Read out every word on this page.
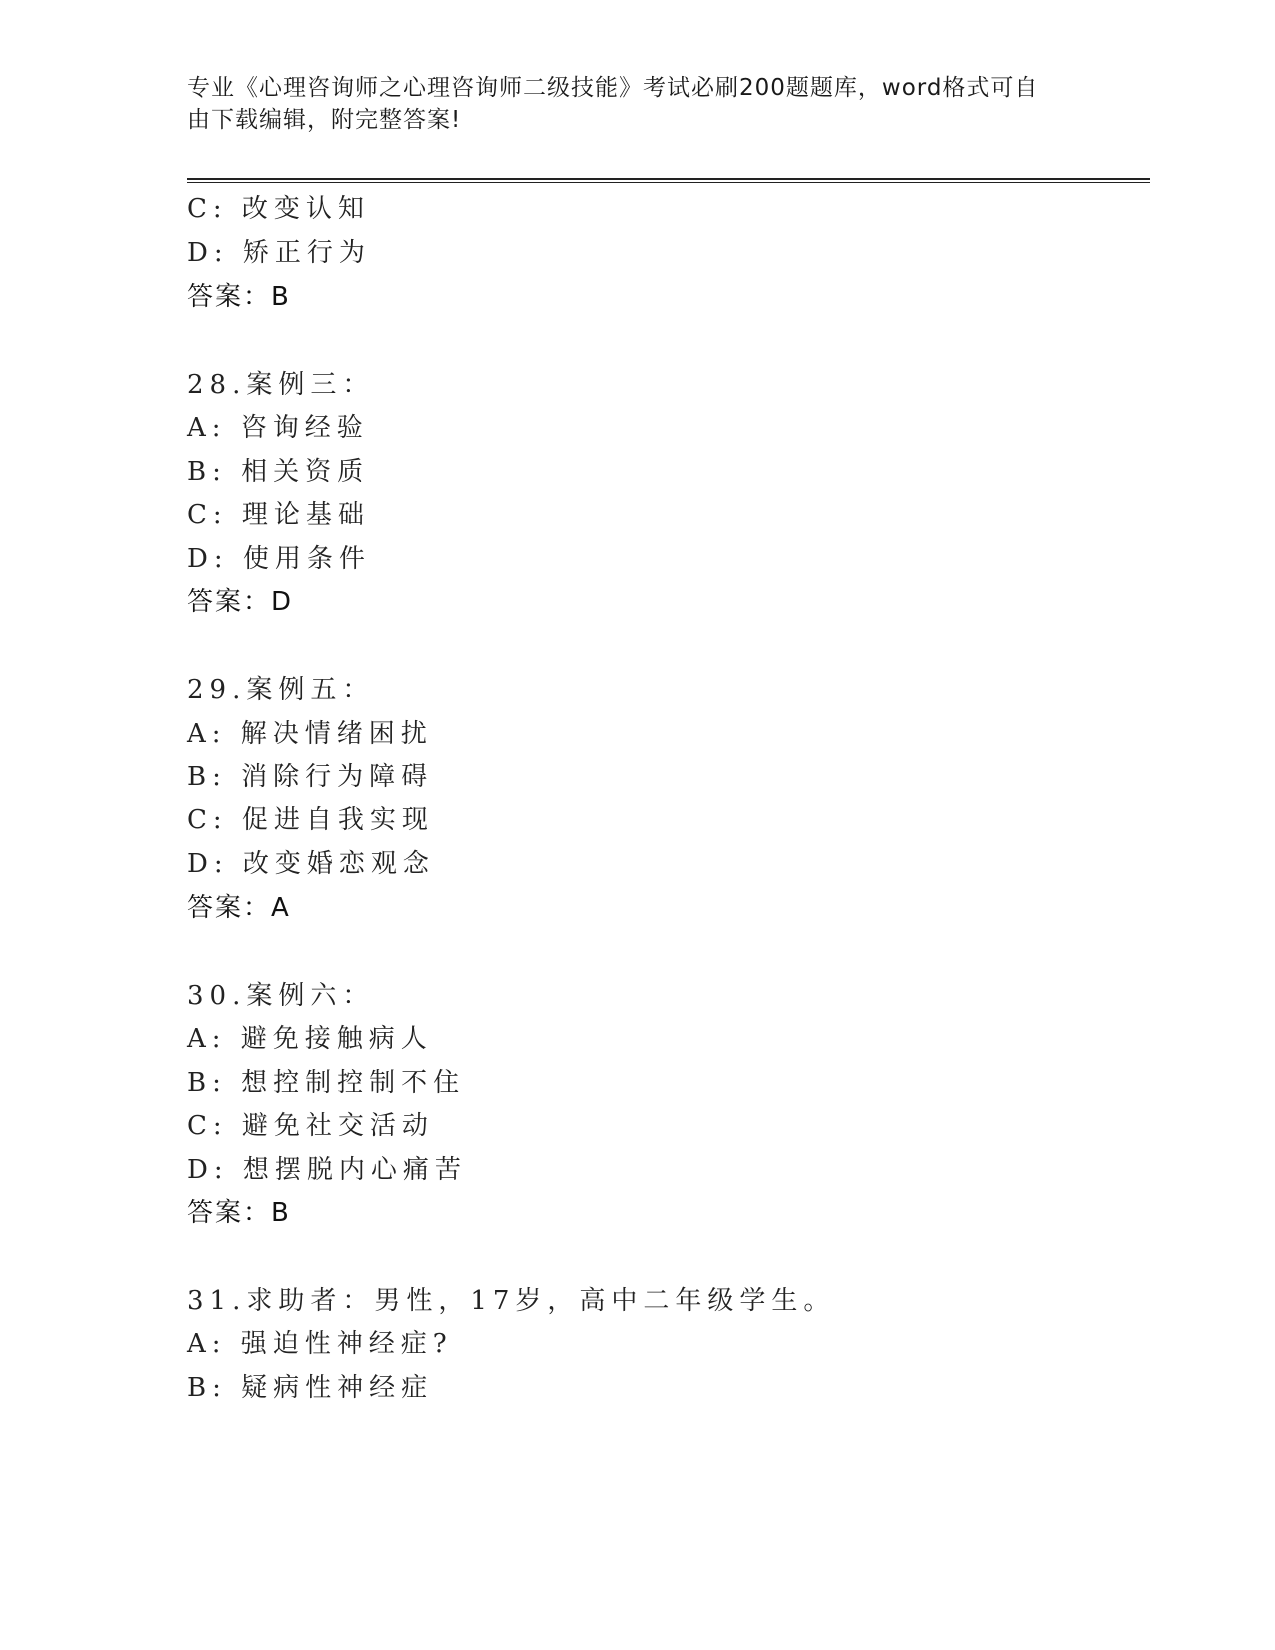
专业《心理咨询师之心理咨询师二级技能》考试必刷200题题库，word格式可自
由下载编辑，附完整答案!
C: 改变认知
D: 矫正行为
答案：B
28.案例三：
A: 咨询经验
B: 相关资质
C: 理论基础
D: 使用条件
答案：D
29.案例五：
A: 解决情绪困扰
B: 消除行为障碍
C: 促进自我实现
D: 改变婚恋观念
答案：A
30.案例六：
A: 避免接触病人
B: 想控制控制不住
C: 避免社交活动
D: 想摆脱内心痛苦
答案：B
31.求助者：男性，17岁，高中二年级学生。
A: 强迫性神经症?
B: 疑病性神经症
